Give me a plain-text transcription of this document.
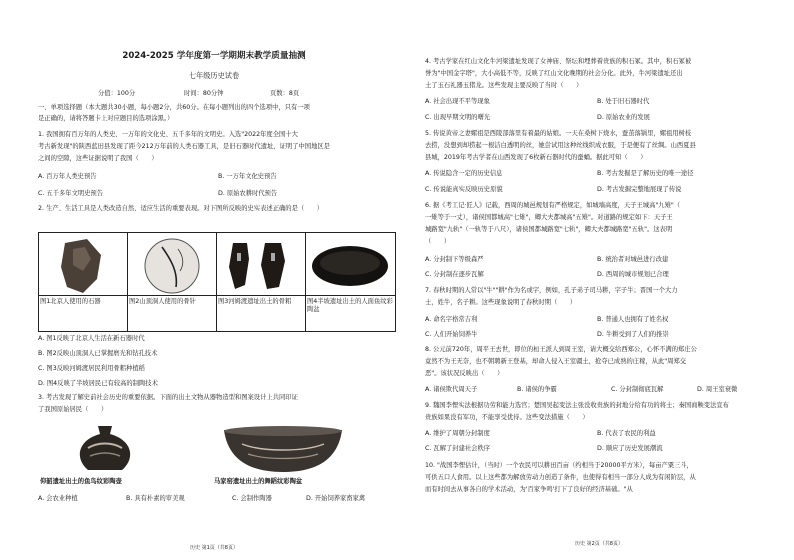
2024-2025 学年度第一学期期末教学质量抽测
七年级历史试卷
分值：100分	时间：80分钟	页数：8页
一、单项选择题（本大题共30小题，每小题2分，共60分。在每小题列出的四个选项中，只有一项
是正确的，请将答题卡上对应题目的选项涂黑。）
1. 我国拥有百万年的人类史、一万年的文化史、五千多年的文明史。入选"2022年度全国十大
考古新发现"的陕西蓝田县发现了距今212万年前的人类石器工具，是旧石器时代遗址，证明了中国地区是
之间的空隙，这些证据说明了我国（　　）
A. 百万年人类史预告	B. 一万年文化史预告
C. 五千多年文明史预告	D. 原始农耕时代预告
2. 生产、生活工具是人类改造自然、适应生活的重要表现。对下图所反映的史实表述正确的是（　　）
图1北京人使用的石器	图2山顶洞人使用的骨针	图3河姆渡遗址出土的骨耜	图4半坡遗址出土的人面鱼纹彩陶盆
A. 图1反映了北京人生活在新石器时代
B. 图2反映山顶洞人已掌握磨光和钻孔技术
C. 图3反映河姆渡居民利用骨耜种植稻
D. 图4反映了半坡居民已有较高的制陶技术
3. 考古发现了解史前社会历史的重要依据。下面的出土文物从器物造型和图案设计上共同印证
了我国原始居民（　　）
仰韶遗址出土的鱼鸟纹彩陶壶	马家窑遗址出土的舞蹈纹彩陶盆
A. 会农业种植	B. 具有朴素的审美观	C. 会制作陶器	D. 开始饲养家畜家禽
历史 第1页（共8页）
4. 考古学家在红山文化牛河梁遗址发现了女神庙、祭坛和埋葬着贵族的积石冢。其中，积石冢被
誉为"中国金字塔"，大小高低不等，反映了红山文化晚期的社会分化。此外，牛河梁遗址还出
土了玉石礼器玉猪龙。这些发现主要反映了当时（　　）
A. 社会出现不平等现象	B. 处于旧石器时代
C. 出现早期文明的曙光	D. 原始农业的发展
5. 传说黄帝之妻嫘祖是西陵部落里有着最的姑娘。一天在桑树下烧水，蚕茧落锅里，嫘祖用树枝
去捞，没想到却捞起一根洁白透明的丝，她尝试用这种丝线织成衣服，于是便有了丝绸。山西夏县
县城，2019年考古学者在山西发现了6枚新石器时代的蚕蛹。据此可知（　　）
A. 传说隐含一定的历史信息	B. 考古发掘是了解历史的唯一途径
C. 传说能真实反映历史原貌	D. 考古发掘完整地展现了传说
6. 据《考工记·匠人》记载，西周的城邑规划有严格规定，如城墙高度，天子王城高"九雉"（
一雉等于一丈），诸侯国都城高"七雉"，卿大夫都城高"五雉"。对道路的规定如下：天子王
城路宽"九轨"（一轨等于八尺），诸侯国都城路宽"七轨"，卿大夫都城路宽"五轨"。这表明
（　　）
A. 分封制下等级森严	B. 统治者对城邑进行改建
C. 分封制在逐步瓦解	D. 西周的城市规划已合理
7. 春秋时期的人常以"牛""耕"作为名或字，例如，孔子弟子司马耕，字子牛；晋国一个大力
士，姓牛，名子耕。这些现象说明了春秋时期（　　）
A. 命名字格常吉利	B. 普通人也拥有了姓名权
C. 人们开始饲养牛	D. 牛耕受到了人们的推崇
8. 公元前720年，周平王去世，即位的桓王派人到周王室，请大概交给西郑公，心怀不满的郑庄公
竟然不为王无奈，也不朝聘新王登基，却命人侵入王室疆土，抢夺已成熟的庄稼，从此"周郑交
恶"。该状况反映出（　　）
A. 诸侯欺代周天子	B. 诸侯的争霸	C. 分封制彻底瓦解	D. 周王室衰微
9. 魏国李悝实法根据功劳和能力选官；楚国吴起变法主张没收贵族的封地分给有功的将士；秦国商鞅变法宣布
贵族如果没有军功，不能享受优待。这些变法措施（　　）
A. 维护了周朝分封制度	B. 代表了农民的利益
C. 瓦解了封建社会秩序	D. 顺应了历史发展潮流
10. "战国李悝估计，（当时）一个农民可以耕田百亩（约相当于20000平方米），每亩产粟三斗，
可供五口人食用。以上这些都为解放劳动力创造了条件，也使得有相当一部分人成为有闲阶层，从
而有时间去从事各自的学术活动，为'百家争鸣'打下了良好的经济基础。"从
历史 第2页（共8页）
